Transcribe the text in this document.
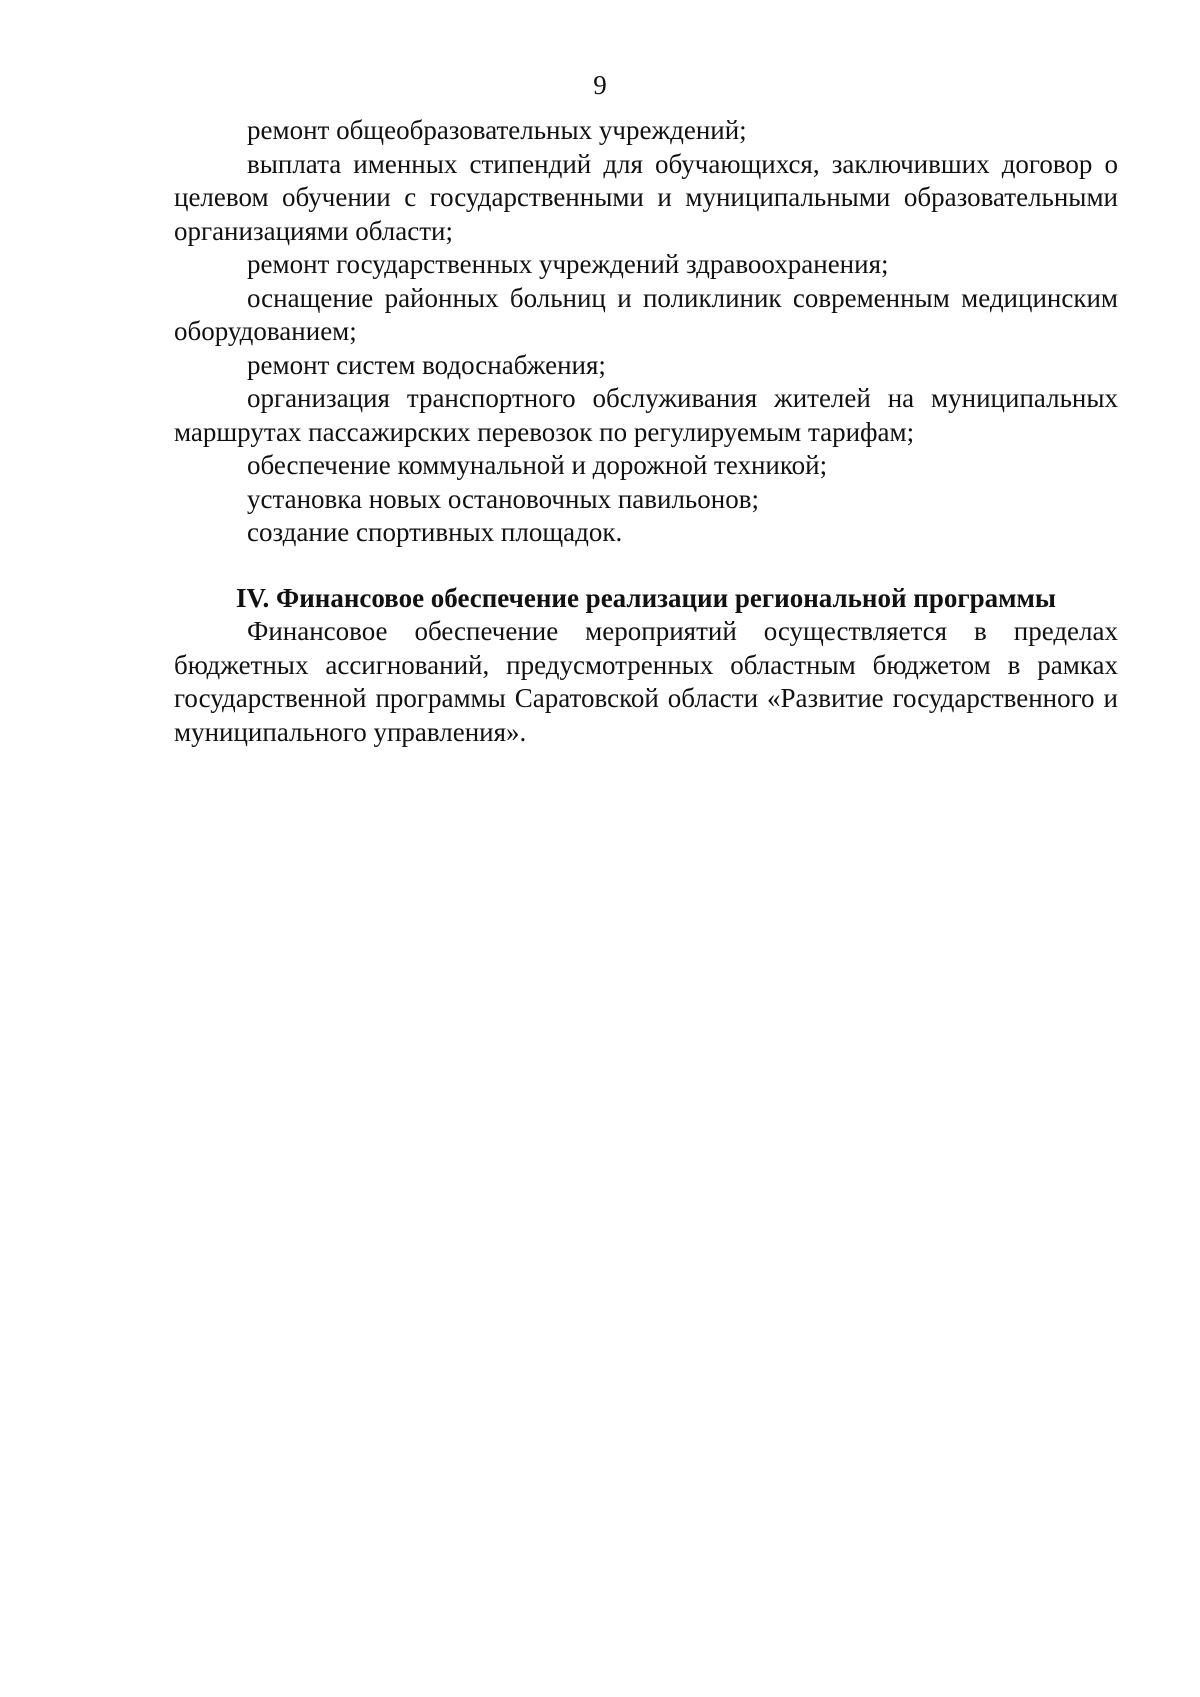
9

ремонт общеобразовательных учреждений;

выплата именных стипендий для обучающихся, заключивших договор о целевом обучении с государственными и муниципальными образовательными организациями области;

ремонт государственных учреждений здравоохранения;

оснащение районных больниц и поликлиник современным медицинским оборудованием;

ремонт систем водоснабжения;

организация транспортного обслуживания жителей на муниципальных маршрутах пассажирских перевозок по регулируемым тарифам;

обеспечение коммунальной и дорожной техникой;

установка новых остановочных павильонов;

создание спортивных площадок.

IV. Финансовое обеспечение реализации региональной программы

Финансовое обеспечение мероприятий осуществляется в пределах бюджетных ассигнований, предусмотренных областным бюджетом в рамках государственной программы Саратовской области «Развитие государственного и муниципального управления».
